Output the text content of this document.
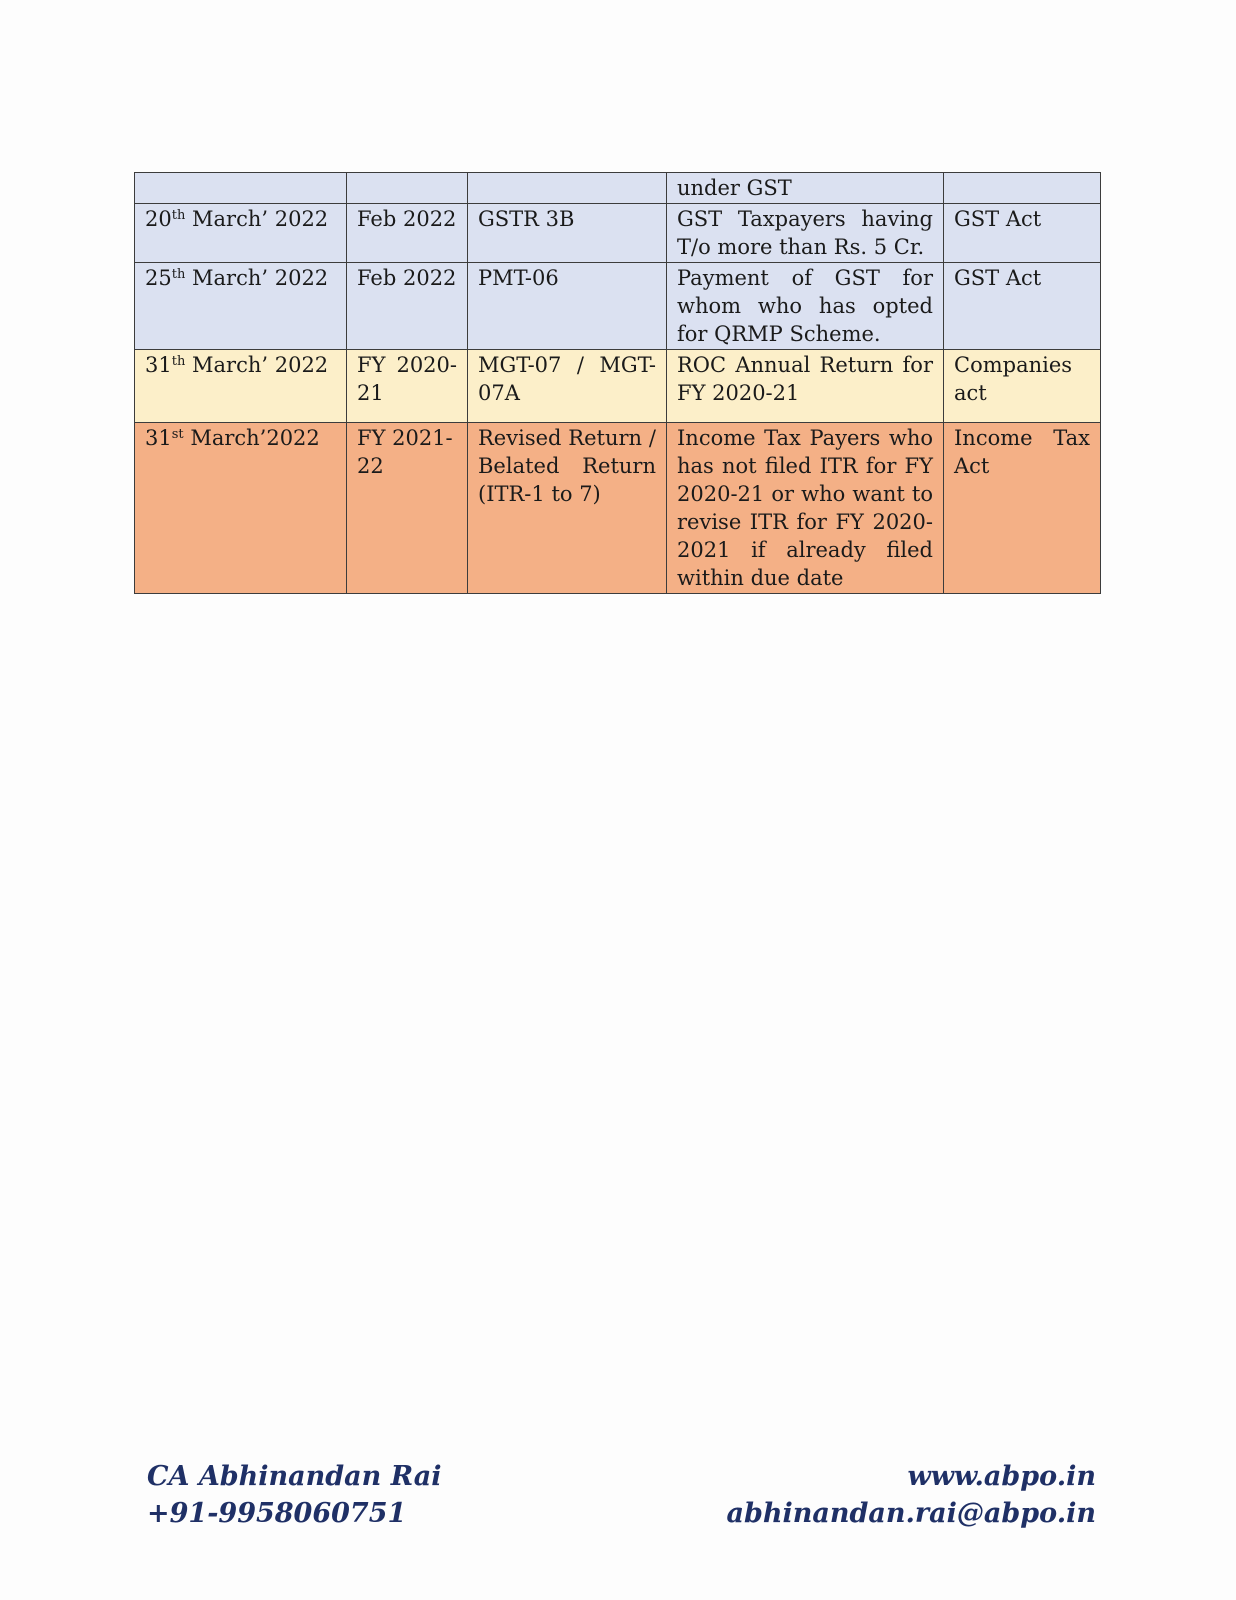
			under GST	
20th March’ 2022	Feb 2022	GSTR 3B	GST Taxpayers having T/o more than Rs. 5 Cr.	GST Act
25th March’ 2022	Feb 2022	PMT-06	Payment of GST for whom who has opted for QRMP Scheme.	GST Act
31th March’ 2022	FY 2020-21	MGT-07 / MGT-07A	ROC Annual Return for FY 2020-21	Companies act
31st March’2022	FY 2021-22	Revised Return / Belated Return (ITR-1 to 7)	Income Tax Payers who has not filed ITR for FY 2020-21 or who want to revise ITR for FY 2020-2021 if already filed within due date	Income Tax Act
CA Abhinandan Rai
+91-9958060751
www.abpo.in
abhinandan.rai@abpo.in
